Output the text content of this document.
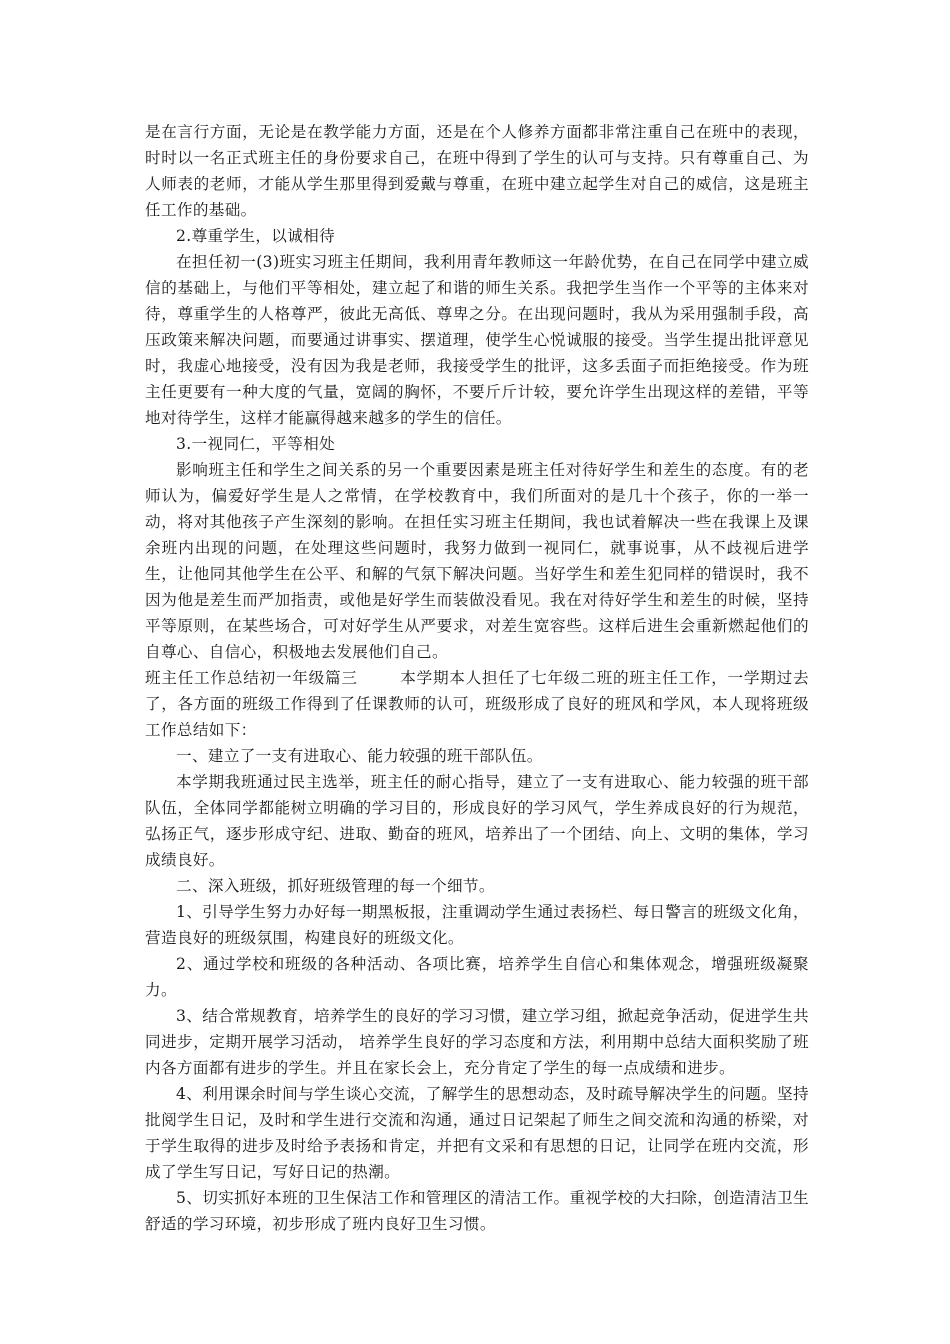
是在言行方面，无论是在教学能力方面，还是在个人修养方面都非常注重自己在班中的表现，时时以一名正式班主任的身份要求自己，在班中得到了学生的认可与支持。只有尊重自己、为人师表的老师，才能从学生那里得到爱戴与尊重，在班中建立起学生对自己的威信，这是班主任工作的基础。

2.尊重学生，以诚相待

在担任初一(3)班实习班主任期间，我利用青年教师这一年龄优势，在自己在同学中建立威信的基础上，与他们平等相处，建立起了和谐的师生关系。我把学生当作一个平等的主体来对待，尊重学生的人格尊严，彼此无高低、尊卑之分。在出现问题时，我从为采用强制手段，高压政策来解决问题，而要通过讲事实、摆道理，使学生心悦诚服的接受。当学生提出批评意见时，我虚心地接受，没有因为我是老师，我接受学生的批评，这多丢面子而拒绝接受。作为班主任更要有一种大度的气量，宽阔的胸怀，不要斤斤计较，要允许学生出现这样的差错，平等地对待学生，这样才能赢得越来越多的学生的信任。

3.一视同仁，平等相处

影响班主任和学生之间关系的另一个重要因素是班主任对待好学生和差生的态度。有的老师认为，偏爱好学生是人之常情，在学校教育中，我们所面对的是几十个孩子，你的一举一动，将对其他孩子产生深刻的影响。在担任实习班主任期间，我也试着解决一些在我课上及课余班内出现的问题，在处理这些问题时，我努力做到一视同仁，就事说事，从不歧视后进学生，让他同其他学生在公平、和解的气氛下解决问题。当好学生和差生犯同样的错误时，我不因为他是差生而严加指责，或他是好学生而装做没看见。我在对待好学生和差生的时候，坚持平等原则，在某些场合，可对好学生从严要求，对差生宽容些。这样后进生会重新燃起他们的自尊心、自信心，积极地去发展他们自己。

班主任工作总结初一年级篇三	本学期本人担任了七年级二班的班主任工作，一学期过去了，各方面的班级工作得到了任课教师的认可，班级形成了良好的班风和学风，本人现将班级工作总结如下：

一、建立了一支有进取心、能力较强的班干部队伍。

本学期我班通过民主选举，班主任的耐心指导，建立了一支有进取心、能力较强的班干部队伍，全体同学都能树立明确的学习目的，形成良好的学习风气，学生养成良好的行为规范，弘扬正气，逐步形成守纪、进取、勤奋的班风，培养出了一个团结、向上、文明的集体，学习成绩良好。

二、深入班级，抓好班级管理的每一个细节。

1、引导学生努力办好每一期黑板报，注重调动学生通过表扬栏、每日警言的班级文化角，营造良好的班级氛围，构建良好的班级文化。

2、通过学校和班级的各种活动、各项比赛，培养学生自信心和集体观念，增强班级凝聚力。

3、结合常规教育，培养学生的良好的学习习惯，建立学习组，掀起竞争活动，促进学生共同进步，定期开展学习活动， 培养学生良好的学习态度和方法，利用期中总结大面积奖励了班内各方面都有进步的学生。并且在家长会上，充分肯定了学生的每一点成绩和进步。

4、利用课余时间与学生谈心交流，了解学生的思想动态，及时疏导解决学生的问题。坚持批阅学生日记，及时和学生进行交流和沟通，通过日记架起了师生之间交流和沟通的桥梁，对于学生取得的进步及时给予表扬和肯定，并把有文采和有思想的日记，让同学在班内交流，形成了学生写日记，写好日记的热潮。

5、切实抓好本班的卫生保洁工作和管理区的清洁工作。重视学校的大扫除，创造清洁卫生舒适的学习环境，初步形成了班内良好卫生习惯。
